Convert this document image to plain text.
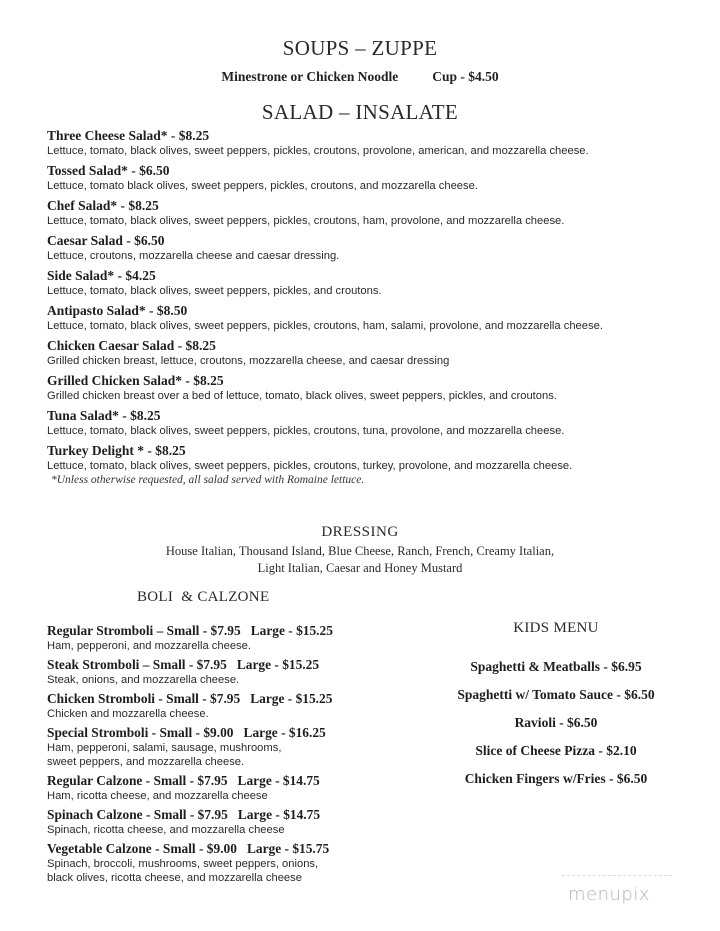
SOUPS – ZUPPE
Minestrone or Chicken Noodle	Cup - $4.50
SALAD – INSALATE
Three Cheese Salad* - $8.25
Lettuce, tomato, black olives, sweet peppers, pickles, croutons, provolone, american, and mozzarella cheese.
Tossed Salad* - $6.50
Lettuce, tomato black olives, sweet peppers, pickles, croutons, and mozzarella cheese.
Chef Salad* - $8.25
Lettuce, tomato, black olives, sweet peppers, pickles, croutons, ham, provolone, and mozzarella cheese.
Caesar Salad - $6.50
Lettuce, croutons, mozzarella cheese and caesar dressing.
Side Salad* - $4.25
Lettuce, tomato, black olives, sweet peppers, pickles, and croutons.
Antipasto Salad* - $8.50
Lettuce, tomato, black olives, sweet peppers, pickles, croutons, ham, salami, provolone, and mozzarella cheese.
Chicken Caesar Salad - $8.25
Grilled chicken breast, lettuce, croutons, mozzarella cheese, and caesar dressing
Grilled Chicken Salad* - $8.25
Grilled chicken breast over a bed of lettuce, tomato, black olives, sweet peppers, pickles, and croutons.
Tuna Salad* - $8.25
Lettuce, tomato, black olives, sweet peppers, pickles, croutons, tuna, provolone, and mozzarella cheese.
Turkey Delight * - $8.25
Lettuce, tomato, black olives, sweet peppers, pickles, croutons, turkey, provolone, and mozzarella cheese.
*Unless otherwise requested, all salad served with Romaine lettuce.
DRESSING
House Italian, Thousand Island, Blue Cheese, Ranch, French, Creamy Italian,
Light Italian, Caesar and Honey Mustard
BOLI  & CALZONE
Regular Stromboli – Small - $7.95   Large - $15.25
Ham, pepperoni, and mozzarella cheese.
Steak Stromboli – Small - $7.95   Large - $15.25
Steak, onions, and mozzarella cheese.
Chicken Stromboli - Small - $7.95   Large - $15.25
Chicken and mozzarella cheese.
Special Stromboli - Small - $9.00   Large - $16.25
Ham, pepperoni, salami, sausage, mushrooms,
sweet peppers, and mozzarella cheese.
Regular Calzone - Small - $7.95   Large - $14.75
Ham, ricotta cheese, and mozzarella cheese
Spinach Calzone - Small - $7.95   Large - $14.75
Spinach, ricotta cheese, and mozzarella cheese
Vegetable Calzone - Small - $9.00   Large - $15.75
Spinach, broccoli, mushrooms, sweet peppers, onions,
black olives, ricotta cheese, and mozzarella cheese
KIDS MENU
Spaghetti & Meatballs - $6.95
Spaghetti w/ Tomato Sauce - $6.50
Ravioli - $6.50
Slice of Cheese Pizza - $2.10
Chicken Fingers w/Fries - $6.50
menupix
